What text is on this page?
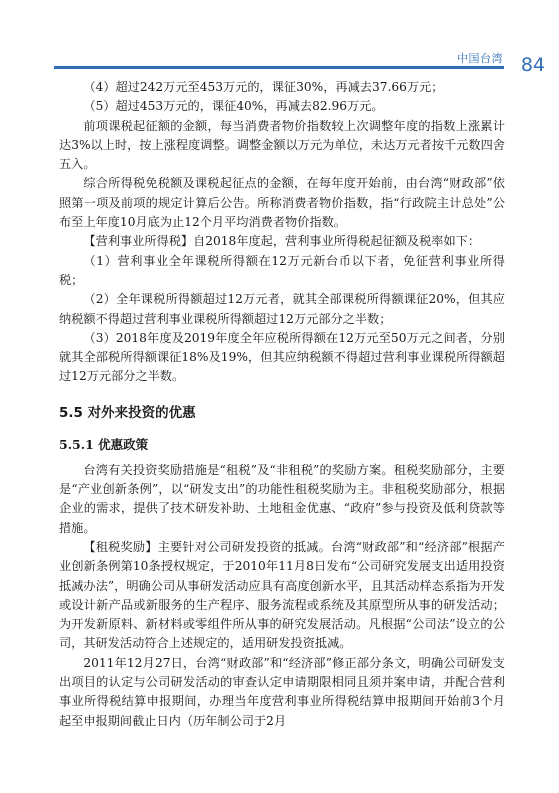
中国台湾 84

（4）超过242万元至453万元的，课征30%，再减去37.66万元；

（5）超过453万元的，课征40%，再减去82.96万元。

前项课税起征额的金额，每当消费者物价指数较上次调整年度的指数上涨累计达3%以上时，按上涨程度调整。调整金额以万元为单位，未达万元者按千元数四舍五入。

综合所得税免税额及课税起征点的金额，在每年度开始前，由台湾“财政部”依照第一项及前项的规定计算后公告。所称消费者物价指数，指“行政院主计总处”公布至上年度10月底为止12个月平均消费者物价指数。

【营利事业所得税】自2018年度起，营利事业所得税起征额及税率如下：

（1）营利事业全年课税所得额在12万元新台币以下者，免征营利事业所得税；

（2）全年课税所得额超过12万元者，就其全部课税所得额课征20%，但其应纳税额不得超过营利事业课税所得额超过12万元部分之半数；

（3）2018年度及2019年度全年应税所得额在12万元至50万元之间者，分别就其全部税所得额课征18%及19%，但其应纳税额不得超过营利事业课税所得额超过12万元部分之半数。

5.5 对外来投资的优惠
5.5.1 优惠政策

台湾有关投资奖励措施是“租税”及“非租税”的奖励方案。租税奖励部分，主要是“产业创新条例”，以“研发支出”的功能性租税奖励为主。非租税奖励部分，根据企业的需求，提供了技术研发补助、土地租金优惠、“政府”参与投资及低利贷款等措施。

【租税奖励】主要针对公司研发投资的抵减。台湾“财政部”和“经济部”根据产业创新条例第10条授权规定，于2010年11月8日发布“公司研究发展支出适用投资抵减办法”，明确公司从事研发活动应具有高度创新水平，且其活动样态系指为开发或设计新产品或新服务的生产程序、服务流程或系统及其原型所从事的研发活动；为开发新原料、新材料或零组件所从事的研究发展活动。凡根据“公司法”设立的公司，其研发活动符合上述规定的，适用研发投资抵减。

2011年12月27日，台湾“财政部”和“经济部”修正部分条文，明确公司研发支出项目的认定与公司研发活动的审查认定申请期限相同且须并案申请，并配合营利事业所得税结算申报期间，办理当年度营利事业所得税结算申报期间开始前3个月起至申报期间截止日内（历年制公司于2月
